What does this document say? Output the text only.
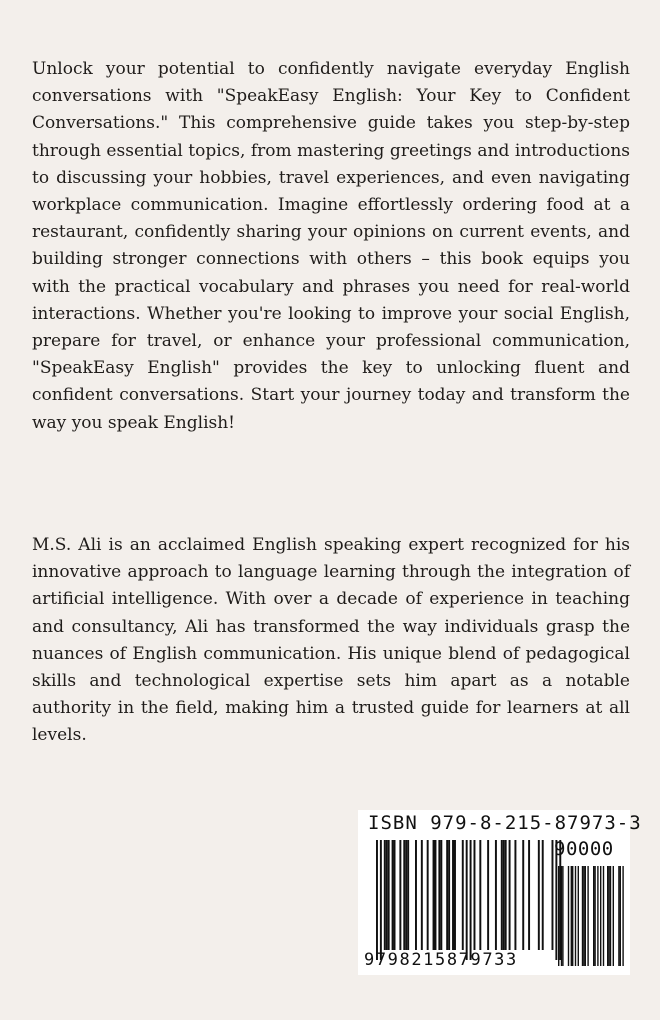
Unlock your potential to confidently navigate everyday English conversations with "SpeakEasy English: Your Key to Confident Conversations." This comprehensive guide takes you step-by-step through essential topics, from mastering greetings and introductions to discussing your hobbies, travel experiences, and even navigating workplace communication. Imagine effortlessly ordering food at a restaurant, confidently sharing your opinions on current events, and building stronger connections with others – this book equips you with the practical vocabulary and phrases you need for real-world interactions. Whether you're looking to improve your social English, prepare for travel, or enhance your professional communication, "SpeakEasy English" provides the key to unlocking fluent and confident conversations. Start your journey today and transform the way you speak English!

M.S. Ali is an acclaimed English speaking expert recognized for his innovative approach to language learning through the integration of artificial intelligence. With over a decade of experience in teaching and consultancy, Ali has transformed the way individuals grasp the nuances of English communication. His unique blend of pedagogical skills and technological expertise sets him apart as a notable authority in the field, making him a trusted guide for learners at all levels.

ISBN 979-8-215-87973-3
90000
9798215879733
